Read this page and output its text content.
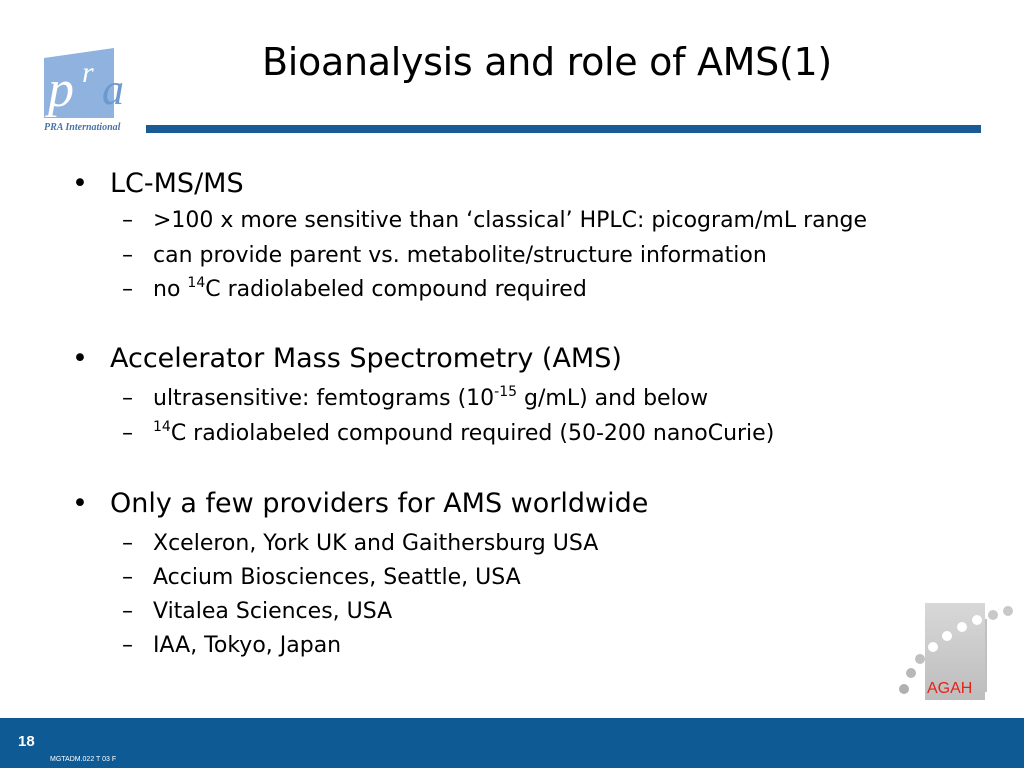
p r a
PRA International
Bioanalysis and role of AMS(1)
• LC-MS/MS
– >100 x more sensitive than ‘classical’ HPLC: picogram/mL range
– can provide parent vs. metabolite/structure information
– no $^{14}$C radiolabeled compound required
• Accelerator Mass Spectrometry (AMS)
– ultrasensitive: femtograms ($10^{-15}$ g/mL) and below
– $^{14}$C radiolabeled compound required (50-200 nanoCurie)
• Only a few providers for AMS worldwide
– Xceleron, York UK and Gaithersburg USA
– Accium Biosciences, Seattle, USA
– Vitalea Sciences, USA
– IAA, Tokyo, Japan
AGAH
18
MGTADM.022 T 03 F
